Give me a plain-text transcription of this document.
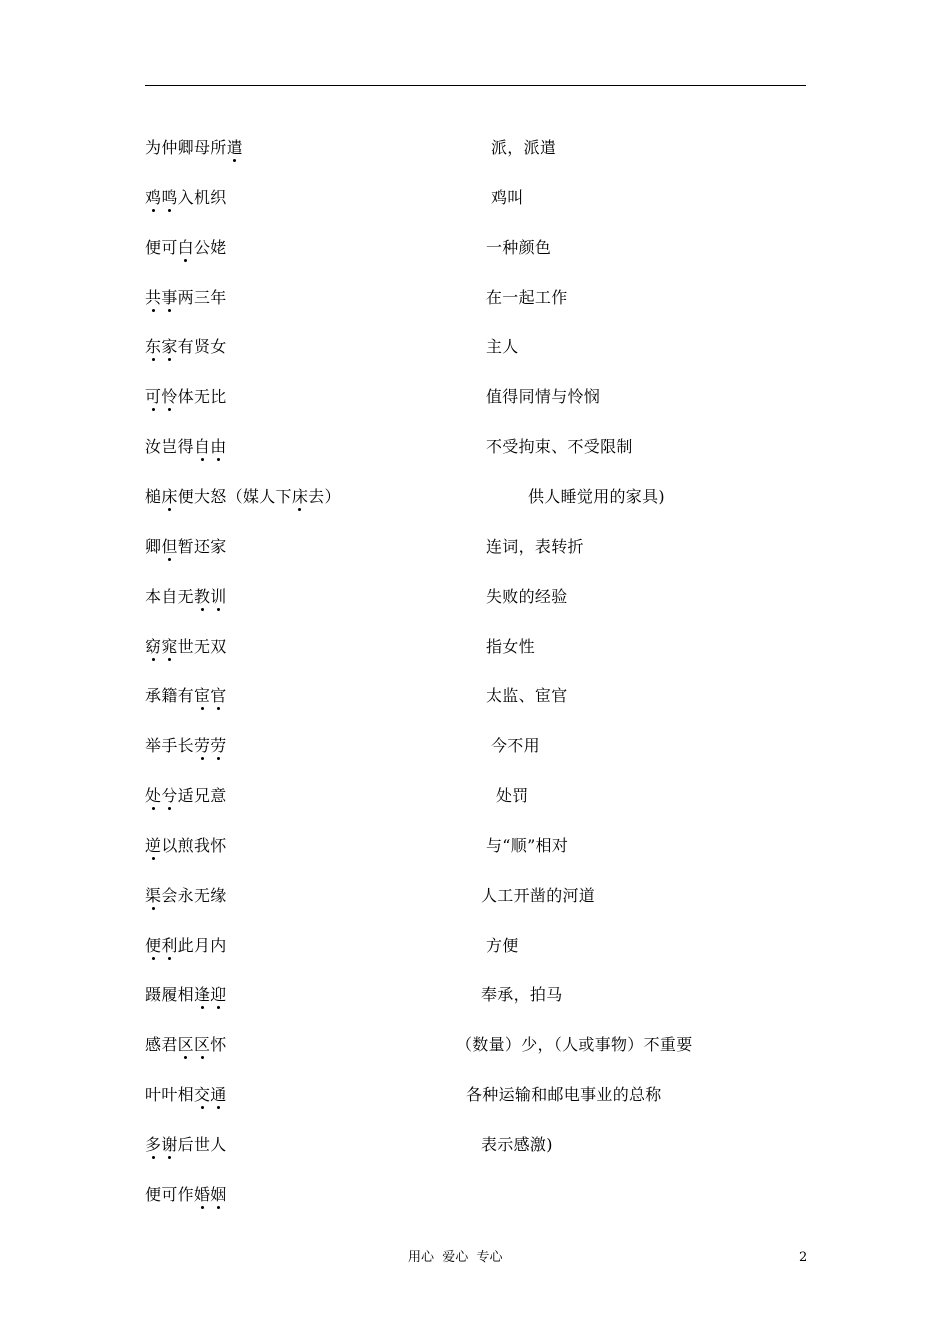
为仲卿母所遣	派，派遣
鸡鸣入机织	鸡叫
便可白公姥	一种颜色
共事两三年	在一起工作
东家有贤女	主人
可怜体无比	值得同情与怜悯
汝岂得自由	不受拘束、不受限制
槌床便大怒（媒人下床去）	供人睡觉用的家具)
卿但暂还家	连词，表转折
本自无教训	失败的经验
窈窕世无双	指女性
承籍有宦官	太监、宦官
举手长劳劳	今不用
处兮适兄意	处罚
逆以煎我怀	与“顺”相对
渠会永无缘	人工开凿的河道
便利此月内	方便
蹑履相逢迎	奉承，拍马
感君区区怀	（数量）少，（人或事物）不重要
叶叶相交通	各种运输和邮电事业的总称
多谢后世人	表示感激)
便可作婚姻
用心  爱心  专心	2
